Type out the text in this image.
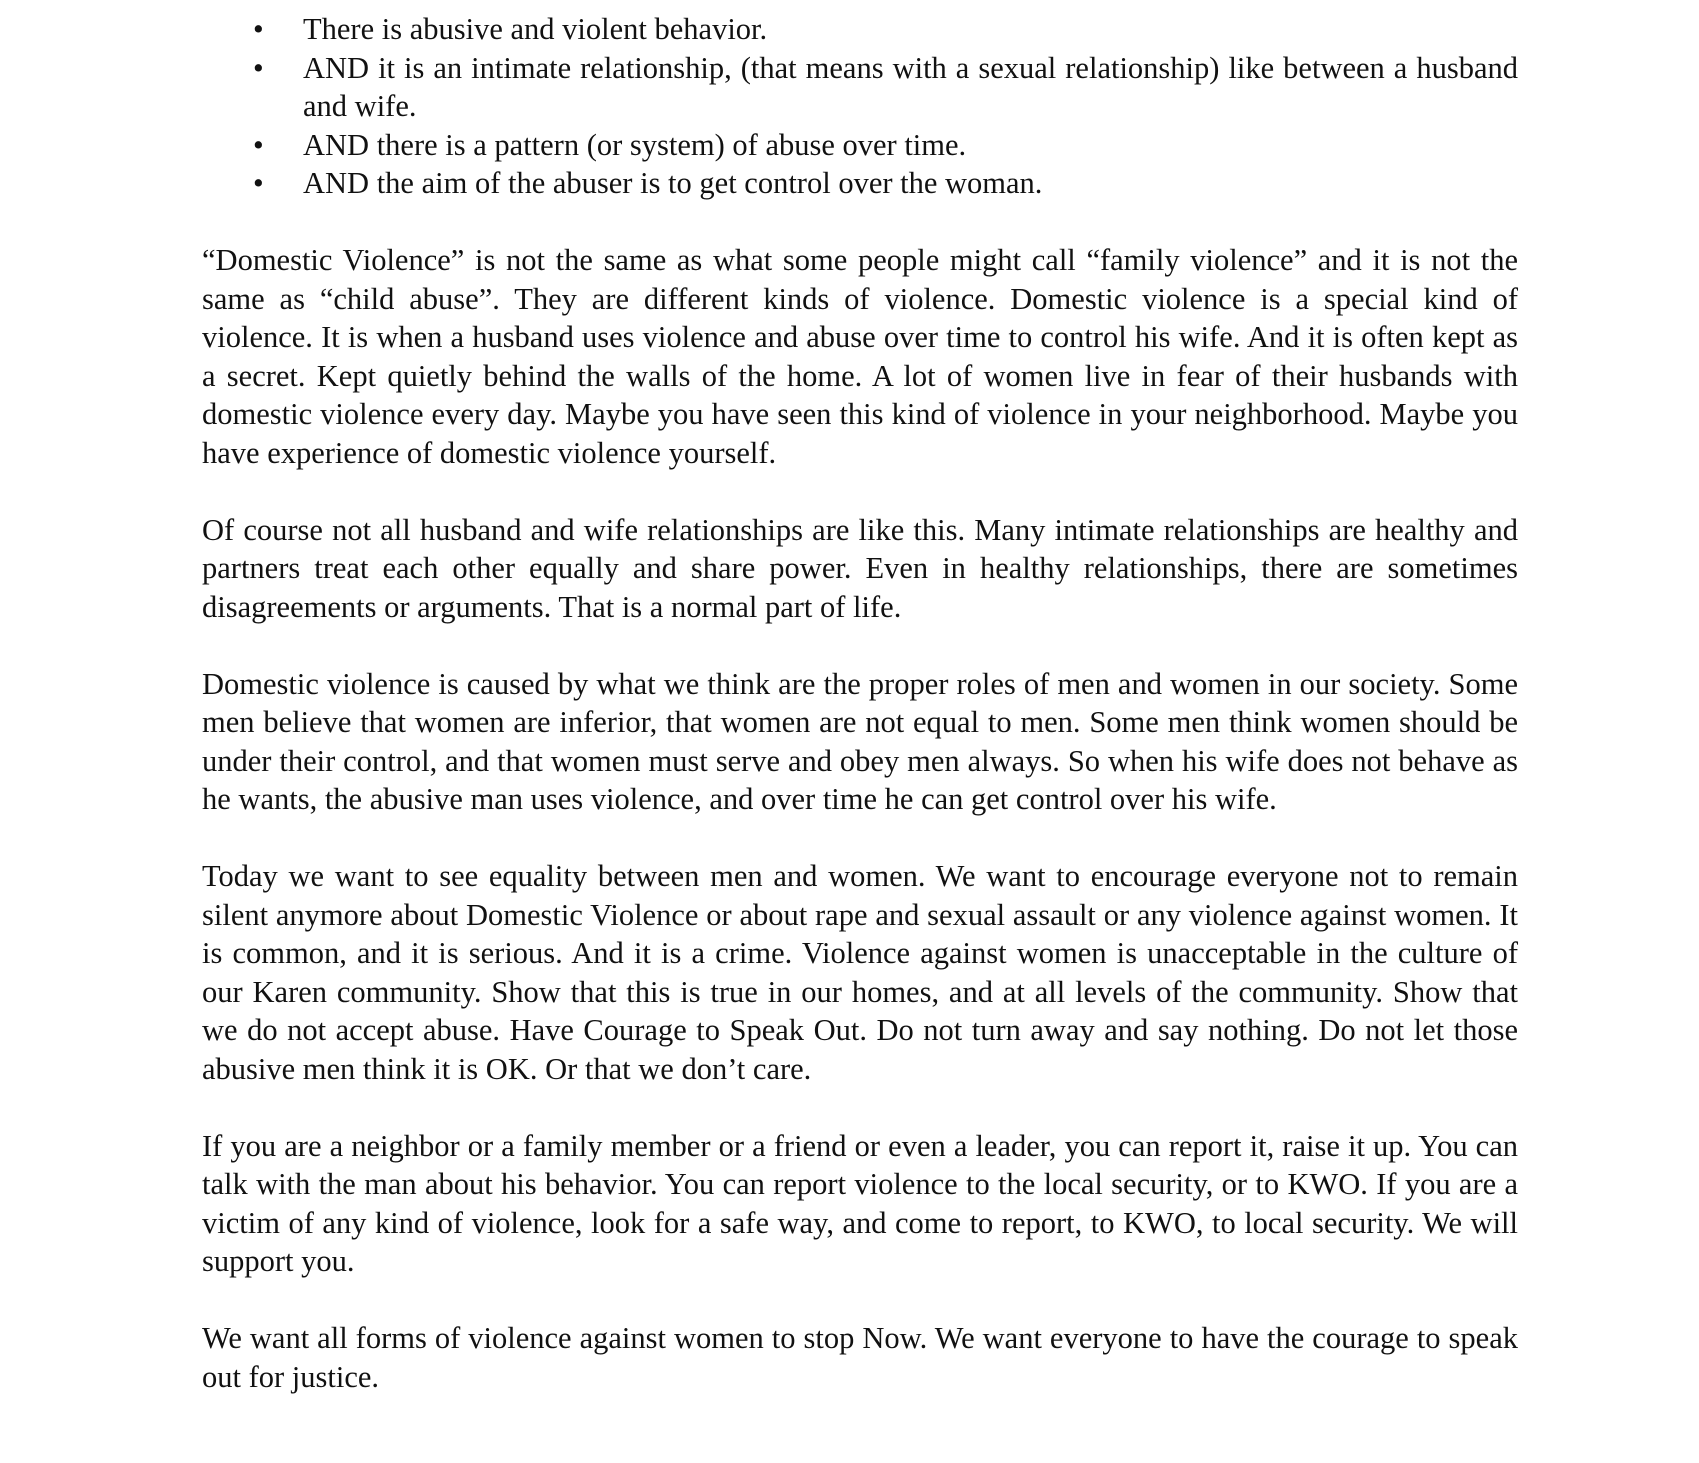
• There is abusive and violent behavior.
• AND it is an intimate relationship, (that means with a sexual relationship) like between a husband and wife.
• AND there is a pattern (or system) of abuse over time.
• AND the aim of the abuser is to get control over the woman.

“Domestic Violence” is not the same as what some people might call “family violence” and it is not the same as “child abuse”. They are different kinds of violence. Domestic violence is a special kind of violence. It is when a husband uses violence and abuse over time to control his wife. And it is often kept as a secret. Kept quietly behind the walls of the home. A lot of women live in fear of their husbands with domestic violence every day. Maybe you have seen this kind of violence in your neighborhood. Maybe you have experience of domestic violence yourself.

Of course not all husband and wife relationships are like this. Many intimate relationships are healthy and partners treat each other equally and share power. Even in healthy relationships, there are sometimes disagreements or arguments. That is a normal part of life.

Domestic violence is caused by what we think are the proper roles of men and women in our society. Some men believe that women are inferior, that women are not equal to men. Some men think women should be under their control, and that women must serve and obey men always. So when his wife does not behave as he wants, the abusive man uses violence, and over time he can get control over his wife.

Today we want to see equality between men and women. We want to encourage everyone not to remain silent anymore about Domestic Violence or about rape and sexual assault or any violence against women. It is common, and it is serious. And it is a crime. Violence against women is unacceptable in the culture of our Karen community. Show that this is true in our homes, and at all levels of the community. Show that we do not accept abuse. Have Courage to Speak Out. Do not turn away and say nothing. Do not let those abusive men think it is OK. Or that we don’t care.

If you are a neighbor or a family member or a friend or even a leader, you can report it, raise it up. You can talk with the man about his behavior. You can report violence to the local security, or to KWO. If you are a victim of any kind of violence, look for a safe way, and come to report, to KWO, to local security. We will support you.

We want all forms of violence against women to stop Now. We want everyone to have the courage to speak out for justice.
